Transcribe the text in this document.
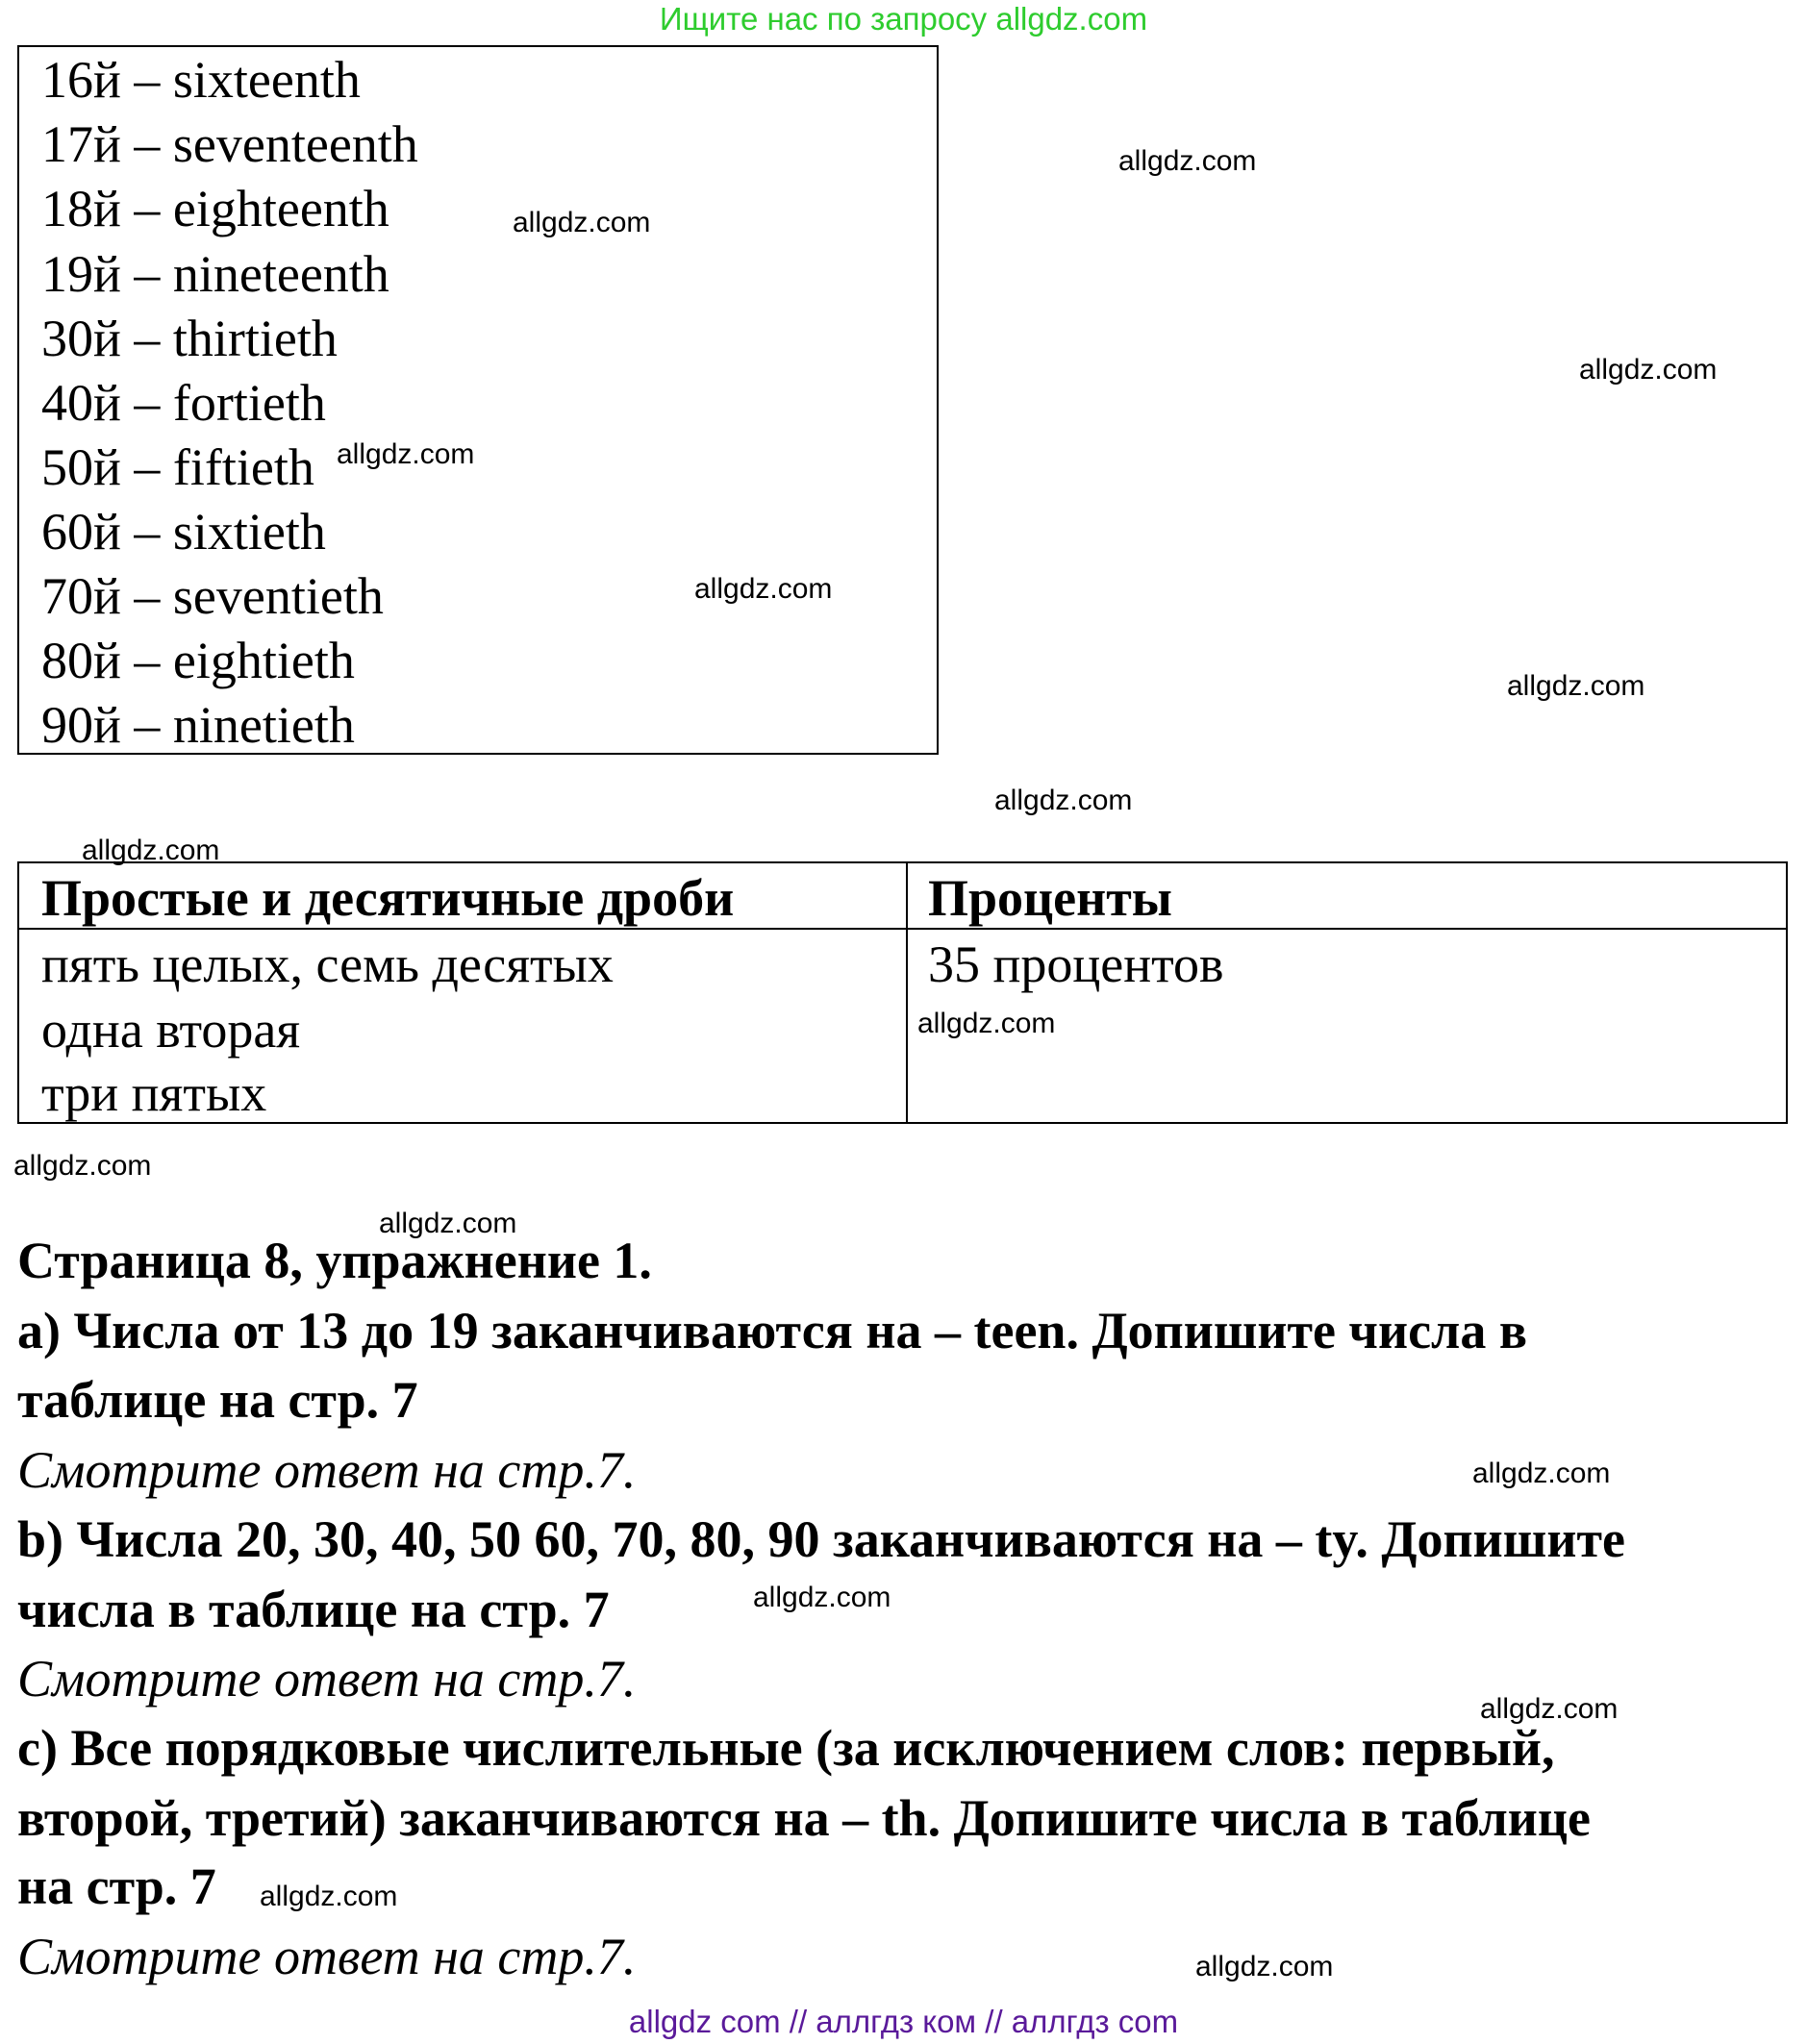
Ищите нас по запросу allgdz.com
16й – sixteenth
17й – seventeenth
18й – eighteenth
19й – nineteenth
30й – thirtieth
40й – fortieth
50й – fiftieth
60й – sixtieth
70й – seventieth
80й – eightieth
90й – ninetieth
Простые и десятичные дроби	Проценты
пять целых, семь десятых
одна вторая
три пятых
35 процентов
Страница 8, упражнение 1.
a) Числа от 13 до 19 заканчиваются на – teen. Допишите числа в
таблице на стр. 7
Смотрите ответ на стр.7.
b) Числа 20, 30, 40, 50 60, 70, 80, 90 заканчиваются на – ty. Допишите
числа в таблице на стр. 7
Смотрите ответ на стр.7.
c) Все порядковые числительные (за исключением слов: первый,
второй, третий) заканчиваются на – th. Допишите числа в таблице
на стр. 7
Смотрите ответ на стр.7.
allgdz.com
allgdz.com
allgdz.com
allgdz.com
allgdz.com
allgdz.com
allgdz.com
allgdz.com
allgdz.com
allgdz.com
allgdz.com
allgdz.com
allgdz.com
allgdz.com
allgdz.com
allgdz.com
allgdz com // аллгдз ком // аллгдз com
